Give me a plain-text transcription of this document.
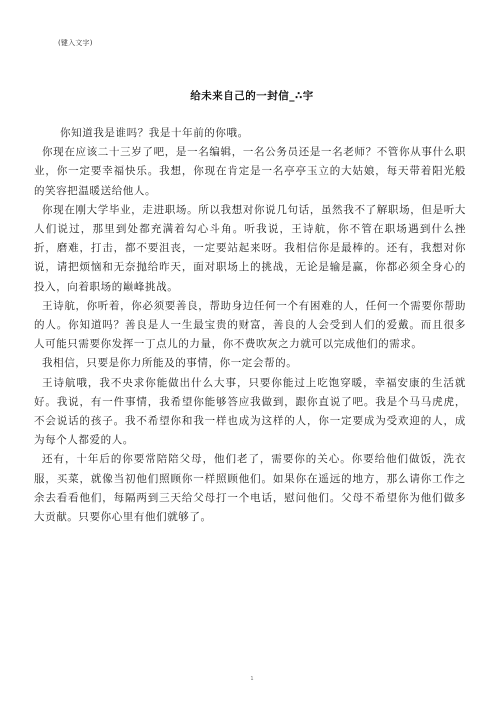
(键入文字)
给未来自己的一封信_∴宇

你知道我是谁吗？我是十年前的你哦。

你现在应该二十三岁了吧，是一名编辑，一名公务员还是一名老师？不管你从事什么职业，你一定要幸福快乐。我想，你现在肯定是一名亭亭玉立的大姑娘，每天带着阳光般的笑容把温暖送给他人。

你现在刚大学毕业，走进职场。所以我想对你说几句话，虽然我不了解职场，但是听大人们说过，那里到处都充满着勾心斗角。听我说，王诗航，你不管在职场遇到什么挫折，磨难，打击，都不要沮丧，一定要站起来呀。我相信你是最棒的。还有，我想对你说，请把烦恼和无奈抛给昨天，面对职场上的挑战，无论是输是赢，你都必须全身心的投入，向着职场的巅峰挑战。

王诗航，你听着，你必须要善良，帮助身边任何一个有困难的人，任何一个需要你帮助的人。你知道吗？善良是人一生最宝贵的财富，善良的人会受到人们的爱戴。而且很多人可能只需要你发挥一丁点儿的力量，你不费吹灰之力就可以完成他们的需求。

我相信，只要是你力所能及的事情，你一定会帮的。

王诗航哦，我不央求你能做出什么大事，只要你能过上吃饱穿暖，幸福安康的生活就好。我说，有一件事情，我希望你能够答应我做到，跟你直说了吧。我是个马马虎虎，不会说话的孩子。我不希望你和我一样也成为这样的人，你一定要成为受欢迎的人，成为每个人都爱的人。

还有，十年后的你要常陪陪父母，他们老了，需要你的关心。你要给他们做饭，洗衣服，买菜，就像当初他们照顾你一样照顾他们。如果你在遥远的地方，那么请你工作之余去看看他们，每隔两到三天给父母打一个电话，慰问他们。父母不希望你为他们做多大贡献。只要你心里有他们就够了。

1
